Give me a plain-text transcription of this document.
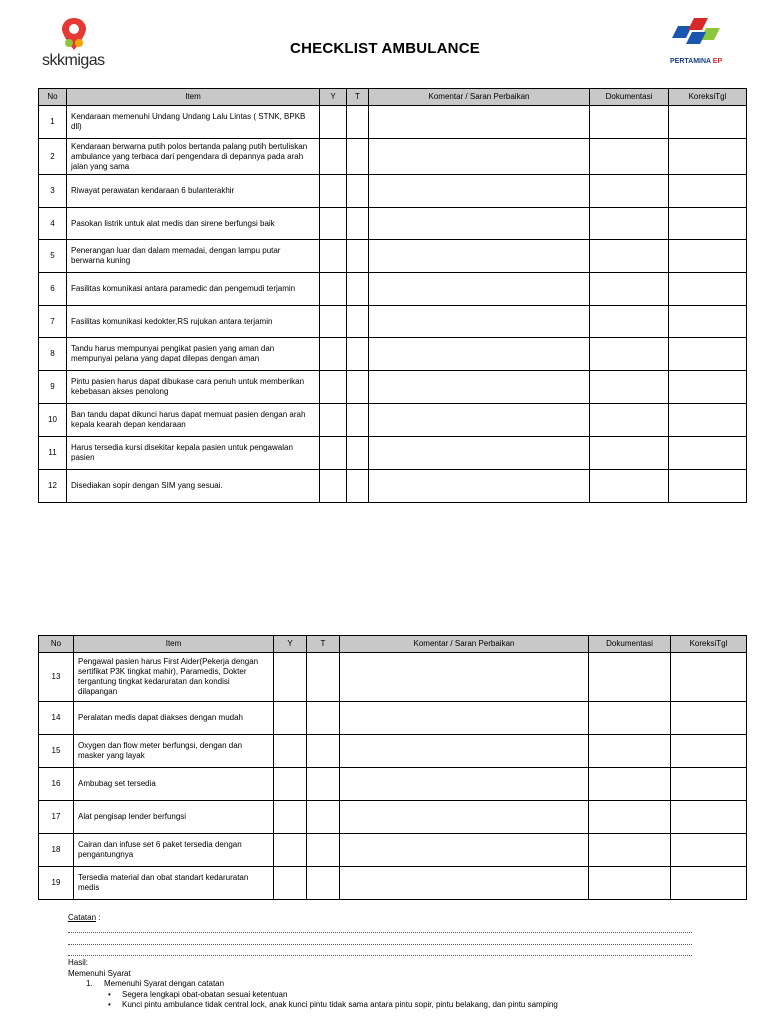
skkmigas
CHECKLIST AMBULANCE
PERTAMINA EP
No	Item	Y	T	Komentar / Saran Perbaikan	Dokumentasi	KoreksiTgl
1	Kendaraan memenuhi Undang Undang Lalu Lintas ( STNK, BPKB dll)					
2	Kendaraan berwarna putih polos bertanda palang putih bertuliskan ambulance yang terbaca dari pengendara di depannya pada arah jalan yang sama					
3	Riwayat perawatan kendaraan 6 bulanterakhir					
4	Pasokan listrik untuk alat medis dan sirene berfungsi baik					
5	Penerangan luar dan dalam memadai, dengan lampu putar berwarna kuning					
6	Fasilitas komunikasi antara paramedic dan pengemudi terjamin					
7	Fasilitas komunikasi kedokter,RS rujukan antara terjamin					
8	Tandu harus mempunyai pengikat pasien yang aman dan mempunyai pelana yang dapat dilepas dengan aman					
9	Pintu pasien harus dapat dibukase cara penuh untuk memberikan kebebasan akses penolong					
10	Ban tandu dapat dikunci harus dapat memuat pasien dengan arah kepala kearah depan kendaraan					
11	Harus tersedia kursi disekitar kepala pasien untuk pengawalan pasien					
12	Disediakan sopir dengan SIM yang sesuai.					
No	Item	Y	T	Komentar / Saran Perbaikan	Dokumentasi	KoreksiTgl
13	Pengawal pasien harus First Aider(Pekerja dengan sertifikat P3K tingkat mahir), Paramedis, Dokter tergantung tingkat kedaruratan dan kondisi dilapangan					
14	Peralatan medis dapat diakses dengan mudah					
15	Oxygen dan flow meter berfungsi, dengan dan masker yang layak					
16	Ambubag set tersedia					
17	Alat pengisap lender berfungsi					
18	Cairan dan infuse set 6 paket tersedia dengan pengantungnya					
19	Tersedia material dan obat standart kedaruratan medis					
Catatan :
Hasil:
Memenuhi Syarat
1. Memenuhi Syarat dengan catatan
• Segera lengkapi obat-obatan sesuai ketentuan
• Kunci pintu ambulance tidak central lock, anak kunci pintu tidak sama antara pintu sopir, pintu belakang, dan pintu samping
